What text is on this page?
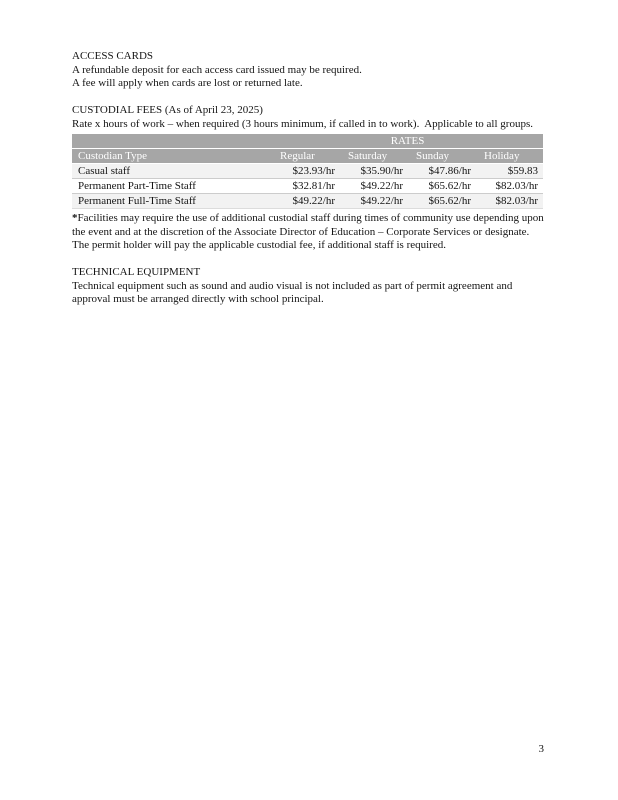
ACCESS CARDS

A refundable deposit for each access card issued may be required.

A fee will apply when cards are lost or returned late.

CUSTODIAL FEES (As of April 23, 2025)

Rate x hours of work – when required (3 hours minimum, if called in to work).  Applicable to all groups.

	RATES			
Custodian Type	Regular	Saturday	Sunday	Holiday
Casual staff	$23.93/hr	$35.90/hr	$47.86/hr	$59.83
Permanent Part-Time Staff	$32.81/hr	$49.22/hr	$65.62/hr	$82.03/hr
Permanent Full-Time Staff	$49.22/hr	$49.22/hr	$65.62/hr	$82.03/hr

*Facilities may require the use of additional custodial staff during times of community use depending upon the event and at the discretion of the Associate Director of Education – Corporate Services or designate.  The permit holder will pay the applicable custodial fee, if additional staff is required.

TECHNICAL EQUIPMENT

Technical equipment such as sound and audio visual is not included as part of permit agreement and approval must be arranged directly with school principal.

3
